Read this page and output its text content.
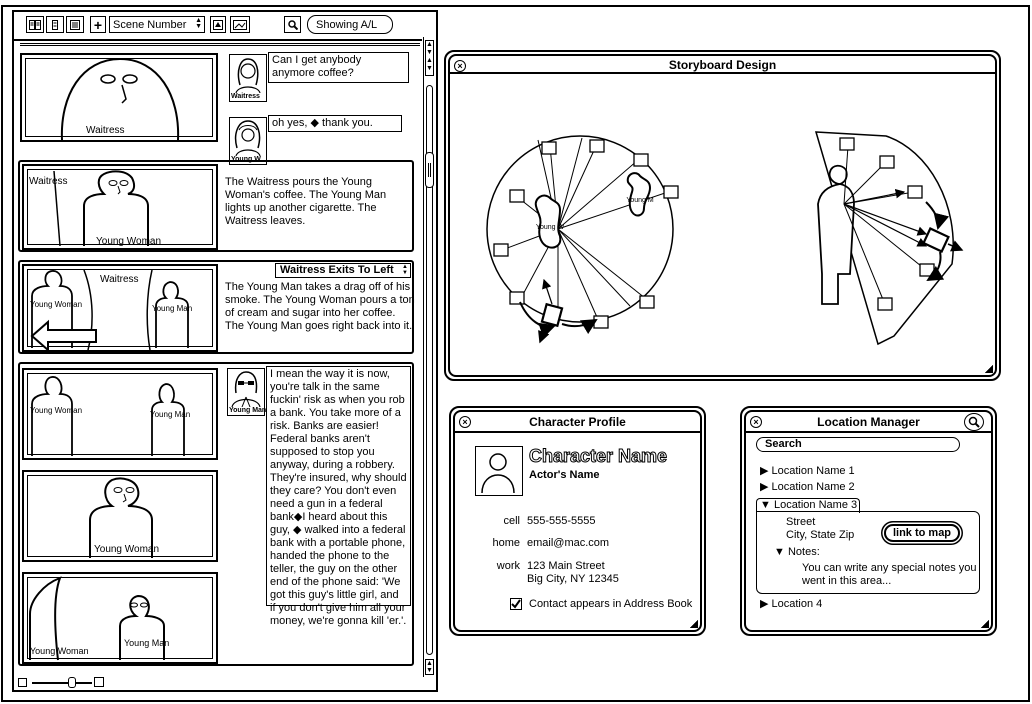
+ Scene Number ▲
▼	Showing A/L
▲
▼
▲
▼
▲
▼
Waitress
Waitress
Can I get anybody anymore coffee?
Young W
oh yes, ◆ thank you.
Waitress
Young Woman
The Waitress pours the Young Woman's coffee. The Young Man lights up another cigarette. The Waitress leaves.
Waitress
Young Woman	Young Man
Waitress Exits To Left ▲
▼
The Young Man takes a drag off of his smoke. The Young Woman pours a ton of cream and sugar into her coffee. The Young Man goes right back into it.
Young Woman	Young Man
Young Woman
Young Woman
Young Man
Young Man
I mean the way it is now, you're talk in the same fuckin' risk as when you rob a bank. You take more of a risk. Banks are easier! Federal banks aren't supposed to stop you anyway, during a robbery. They're insured, why should they care? You don't even need a gun in a federal bank◆I heard about this guy, ◆ walked into a federal bank with a portable phone, handed the phone to the teller, the guy on the other end of the phone said: 'We got this guy's little girl, and if you don't give him all your money, we're gonna kill 'er.'.
×	Storyboard Design
Young W
Young M
×	Character Profile
Character Name
Actor's Name
cell 555-555-5555
home email@mac.com
work 123 Main Street
Big City, NY 12345
Contact appears in Address Book
×	Location Manager
Search
▶ Location Name 1
▶ Location Name 2
▼ Location Name 3
Street
City, State Zip	link to map
▼ Notes:
You can write any special notes you went in this area...
▶ Location 4
